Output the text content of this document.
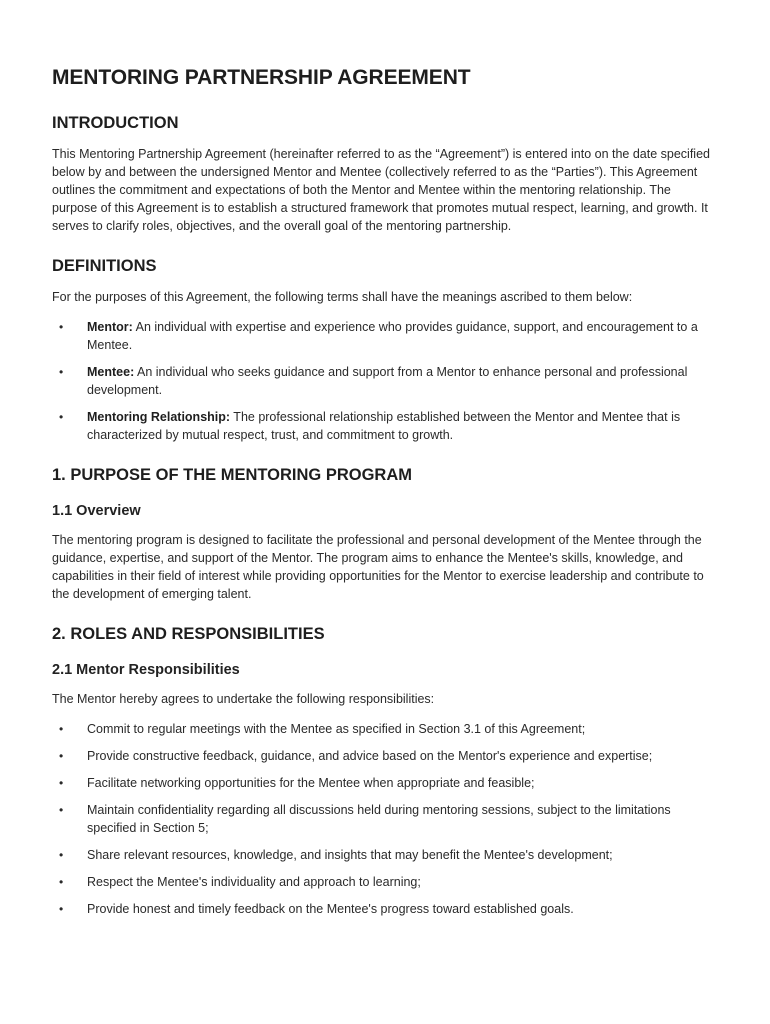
MENTORING PARTNERSHIP AGREEMENT
INTRODUCTION

This Mentoring Partnership Agreement (hereinafter referred to as the “Agreement”) is entered into on the date specified below by and between the undersigned Mentor and Mentee (collectively referred to as the “Parties”). This Agreement outlines the commitment and expectations of both the Mentor and Mentee within the mentoring relationship. The purpose of this Agreement is to establish a structured framework that promotes mutual respect, learning, and growth. It serves to clarify roles, objectives, and the overall goal of the mentoring partnership.

DEFINITIONS

For the purposes of this Agreement, the following terms shall have the meanings ascribed to them below:

• Mentor: An individual with expertise and experience who provides guidance, support, and encouragement to a Mentee.
• Mentee: An individual who seeks guidance and support from a Mentor to enhance personal and professional development.
• Mentoring Relationship: The professional relationship established between the Mentor and Mentee that is characterized by mutual respect, trust, and commitment to growth.
1. PURPOSE OF THE MENTORING PROGRAM
1.1 Overview

The mentoring program is designed to facilitate the professional and personal development of the Mentee through the guidance, expertise, and support of the Mentor. The program aims to enhance the Mentee's skills, knowledge, and capabilities in their field of interest while providing opportunities for the Mentor to exercise leadership and contribute to the development of emerging talent.

2. ROLES AND RESPONSIBILITIES
2.1 Mentor Responsibilities

The Mentor hereby agrees to undertake the following responsibilities:

• Commit to regular meetings with the Mentee as specified in Section 3.1 of this Agreement;
• Provide constructive feedback, guidance, and advice based on the Mentor's experience and expertise;
• Facilitate networking opportunities for the Mentee when appropriate and feasible;
• Maintain confidentiality regarding all discussions held during mentoring sessions, subject to the limitations specified in Section 5;
• Share relevant resources, knowledge, and insights that may benefit the Mentee's development;
• Respect the Mentee's individuality and approach to learning;
• Provide honest and timely feedback on the Mentee's progress toward established goals.
